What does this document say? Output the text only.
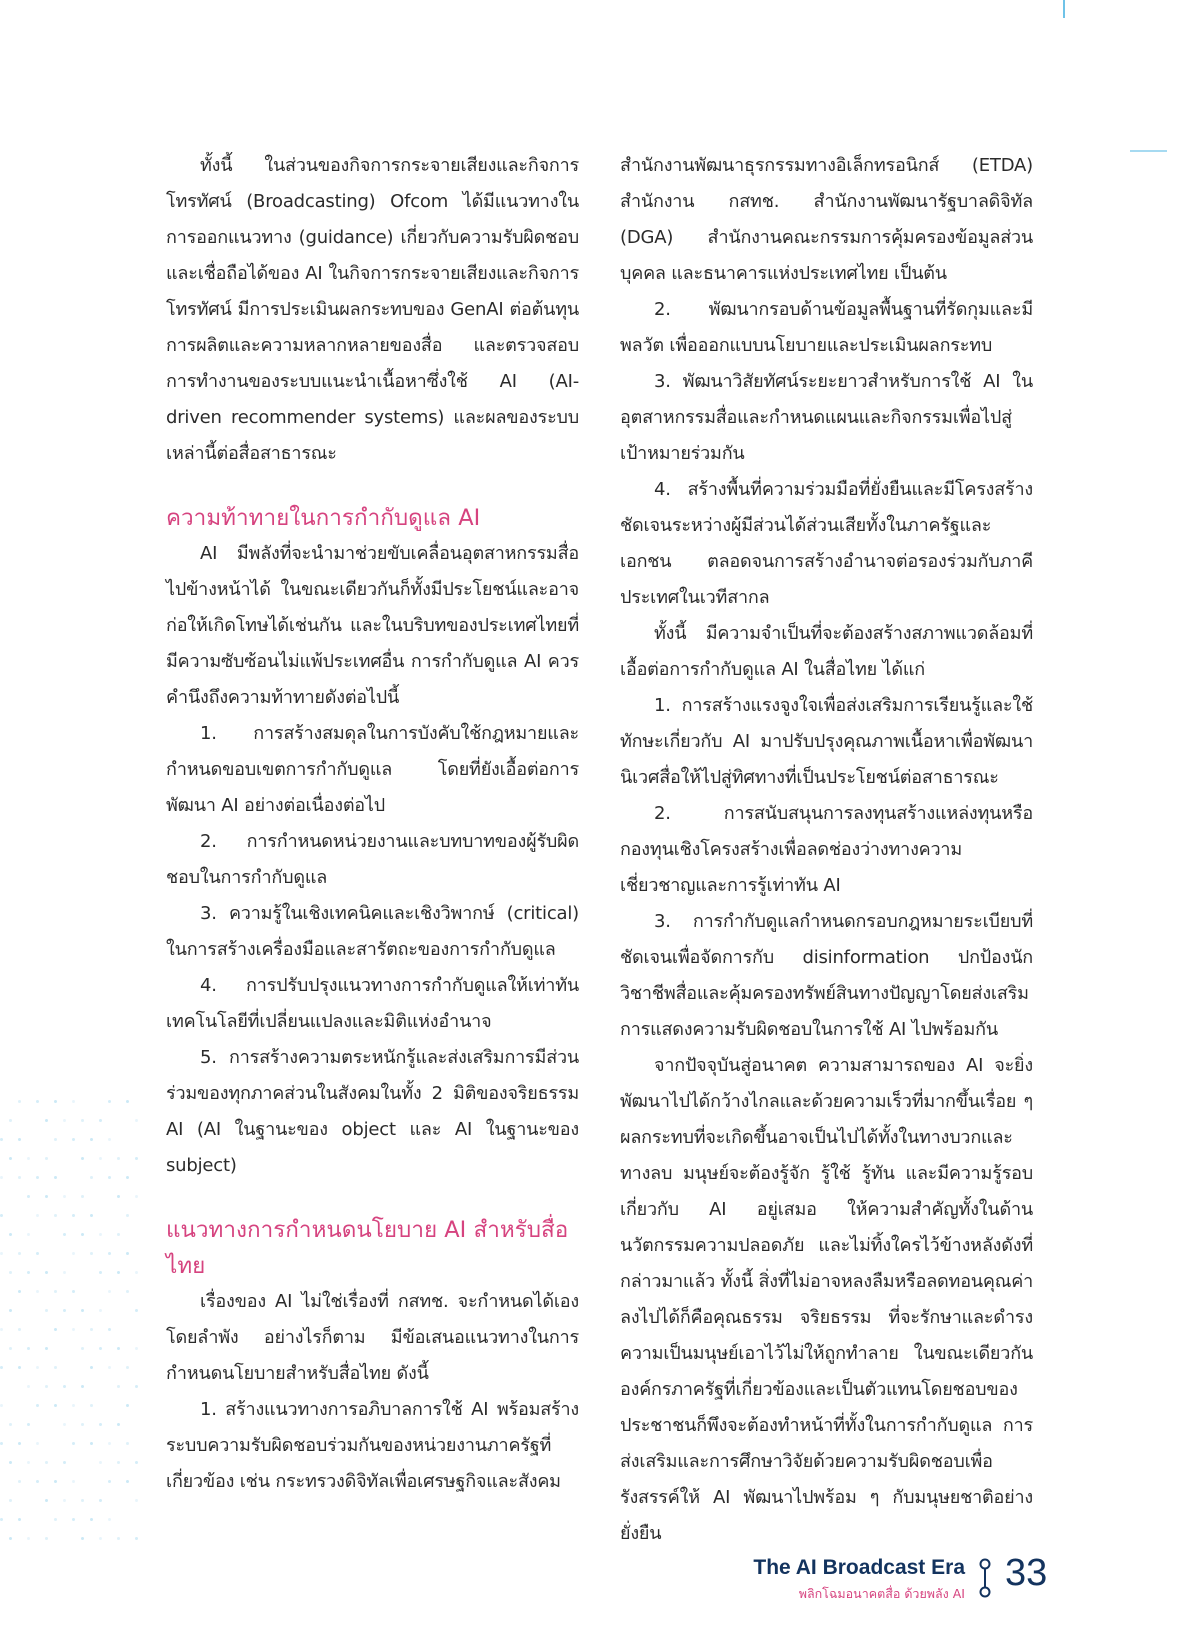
ทั้งนี้ ในส่วนของกิจการกระจายเสียงและกิจการโทรทัศน์ (Broadcasting) Ofcom ได้มีแนวทางในการออกแนวทาง (guidance) เกี่ยวกับความรับผิดชอบและเชื่อถือได้ของ AI ในกิจการกระจายเสียงและกิจการโทรทัศน์ มีการประเมินผลกระทบของ GenAI ต่อต้นทุนการผลิตและความหลากหลายของสื่อ และตรวจสอบการทำงานของระบบแนะนำเนื้อหาซึ่งใช้ AI (AI-driven recommender systems) และผลของระบบเหล่านี้ต่อสื่อสาธารณะ

ความท้าทายในการกำกับดูแล AI

AI มีพลังที่จะนำมาช่วยขับเคลื่อนอุตสาหกรรมสื่อไปข้างหน้าได้ ในขณะเดียวกันก็ทั้งมีประโยชน์และอาจก่อให้เกิดโทษได้เช่นกัน และในบริบทของประเทศไทยที่มีความซับซ้อนไม่แพ้ประเทศอื่น การกำกับดูแล AI ควรคำนึงถึงความท้าทายดังต่อไปนี้

1. การสร้างสมดุลในการบังคับใช้กฎหมายและกำหนดขอบเขตการกำกับดูแล โดยที่ยังเอื้อต่อการพัฒนา AI อย่างต่อเนื่องต่อไป

2. การกำหนดหน่วยงานและบทบาทของผู้รับผิดชอบในการกำกับดูแล

3. ความรู้ในเชิงเทคนิคและเชิงวิพากษ์ (critical) ในการสร้างเครื่องมือและสารัตถะของการกำกับดูแล

4. การปรับปรุงแนวทางการกำกับดูแลให้เท่าทันเทคโนโลยีที่เปลี่ยนแปลงและมิติแห่งอำนาจ

5. การสร้างความตระหนักรู้และส่งเสริมการมีส่วนร่วมของทุกภาคส่วนในสังคมในทั้ง 2 มิติของจริยธรรม AI (AI ในฐานะของ object และ AI ในฐานะของ subject)

แนวทางการกำหนดนโยบาย AI สำหรับสื่อไทย

เรื่องของ AI ไม่ใช่เรื่องที่ กสทช. จะกำหนดได้เองโดยลำพัง อย่างไรก็ตาม มีข้อเสนอแนวทางในการกำหนดนโยบายสำหรับสื่อไทย ดังนี้

1. สร้างแนวทางการอภิบาลการใช้ AI พร้อมสร้างระบบความรับผิดชอบร่วมกันของหน่วยงานภาครัฐที่เกี่ยวข้อง เช่น กระทรวงดิจิทัลเพื่อเศรษฐกิจและสังคม

สำนักงานพัฒนาธุรกรรมทางอิเล็กทรอนิกส์ (ETDA) สำนักงาน กสทช. สำนักงานพัฒนารัฐบาลดิจิทัล (DGA) สำนักงานคณะกรรมการคุ้มครองข้อมูลส่วนบุคคล และธนาคารแห่งประเทศไทย เป็นต้น

2. พัฒนากรอบด้านข้อมูลพื้นฐานที่รัดกุมและมีพลวัต เพื่อออกแบบนโยบายและประเมินผลกระทบ

3. พัฒนาวิสัยทัศน์ระยะยาวสำหรับการใช้ AI ในอุตสาหกรรมสื่อและกำหนดแผนและกิจกรรมเพื่อไปสู่เป้าหมายร่วมกัน

4. สร้างพื้นที่ความร่วมมือที่ยั่งยืนและมีโครงสร้างชัดเจนระหว่างผู้มีส่วนได้ส่วนเสียทั้งในภาครัฐและเอกชน ตลอดจนการสร้างอำนาจต่อรองร่วมกับภาคีประเทศในเวทีสากล

ทั้งนี้ มีความจำเป็นที่จะต้องสร้างสภาพแวดล้อมที่เอื้อต่อการกำกับดูแล AI ในสื่อไทย ได้แก่

1. การสร้างแรงจูงใจเพื่อส่งเสริมการเรียนรู้และใช้ทักษะเกี่ยวกับ AI มาปรับปรุงคุณภาพเนื้อหาเพื่อพัฒนานิเวศสื่อให้ไปสู่ทิศทางที่เป็นประโยชน์ต่อสาธารณะ

2. การสนับสนุนการลงทุนสร้างแหล่งทุนหรือกองทุนเชิงโครงสร้างเพื่อลดช่องว่างทางความเชี่ยวชาญและการรู้เท่าทัน AI

3. การกำกับดูแลกำหนดกรอบกฎหมายระเบียบที่ชัดเจนเพื่อจัดการกับ disinformation ปกป้องนักวิชาชีพสื่อและคุ้มครองทรัพย์สินทางปัญญาโดยส่งเสริมการแสดงความรับผิดชอบในการใช้ AI ไปพร้อมกัน

จากปัจจุบันสู่อนาคต ความสามารถของ AI จะยิ่งพัฒนาไปได้กว้างไกลและด้วยความเร็วที่มากขึ้นเรื่อย ๆ ผลกระทบที่จะเกิดขึ้นอาจเป็นไปได้ทั้งในทางบวกและทางลบ มนุษย์จะต้องรู้จัก รู้ใช้ รู้ทัน และมีความรู้รอบเกี่ยวกับ AI อยู่เสมอ ให้ความสำคัญทั้งในด้านนวัตกรรมความปลอดภัย และไม่ทิ้งใครไว้ข้างหลังดังที่กล่าวมาแล้ว ทั้งนี้ สิ่งที่ไม่อาจหลงลืมหรือลดทอนคุณค่าลงไปได้ก็คือคุณธรรม จริยธรรม ที่จะรักษาและดำรงความเป็นมนุษย์เอาไว้ไม่ให้ถูกทำลาย ในขณะเดียวกัน องค์กรภาครัฐที่เกี่ยวข้องและเป็นตัวแทนโดยชอบของประชาชนก็พึงจะต้องทำหน้าที่ทั้งในการกำกับดูแล การส่งเสริมและการศึกษาวิจัยด้วยความรับผิดชอบเพื่อรังสรรค์ให้ AI พัฒนาไปพร้อม ๆ กับมนุษยชาติอย่างยั่งยืน

The AI Broadcast Era
พลิกโฉมอนาคตสื่อ ด้วยพลัง AI 33
